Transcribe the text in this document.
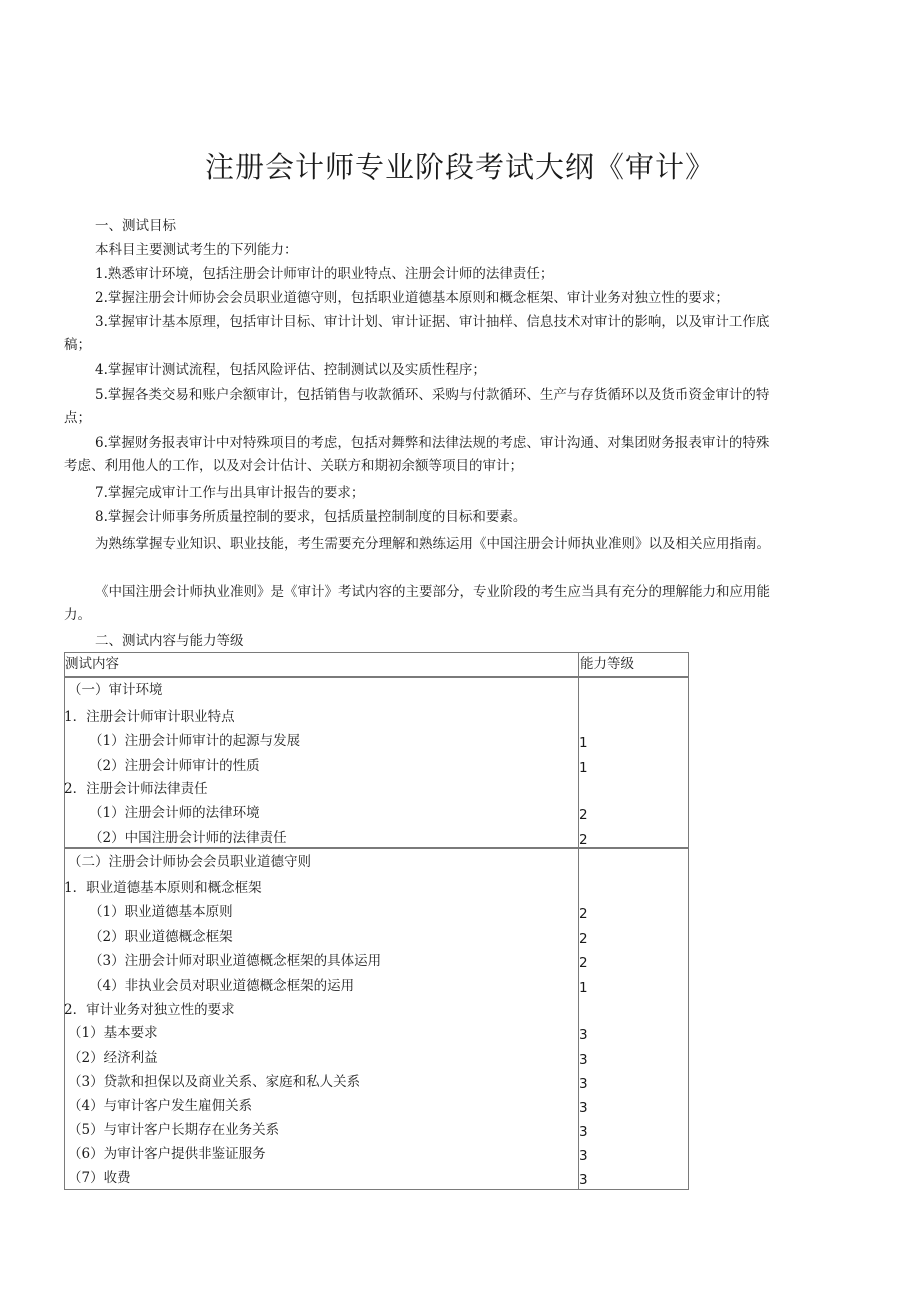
注册会计师专业阶段考试大纲《审计》
一、测试目标
本科目主要测试考生的下列能力：
1.熟悉审计环境，包括注册会计师审计的职业特点、注册会计师的法律责任；
2.掌握注册会计师协会会员职业道德守则，包括职业道德基本原则和概念框架、审计业务对独立性的要求；
3.掌握审计基本原理，包括审计目标、审计计划、审计证据、审计抽样、信息技术对审计的影响，以及审计工作底稿；
4.掌握审计测试流程，包括风险评估、控制测试以及实质性程序；
5.掌握各类交易和账户余额审计，包括销售与收款循环、采购与付款循环、生产与存货循环以及货币资金审计的特点；
6.掌握财务报表审计中对特殊项目的考虑，包括对舞弊和法律法规的考虑、审计沟通、对集团财务报表审计的特殊考虑、利用他人的工作，以及对会计估计、关联方和期初余额等项目的审计；
7.掌握完成审计工作与出具审计报告的要求；
8.掌握会计师事务所质量控制的要求，包括质量控制制度的目标和要素。
为熟练掌握专业知识、职业技能，考生需要充分理解和熟练运用《中国注册会计师执业准则》以及相关应用指南。
《中国注册会计师执业准则》是《审计》考试内容的主要部分，专业阶段的考生应当具有充分的理解能力和应用能力。
二、测试内容与能力等级
测试内容	能力等级
（一）审计环境
1．注册会计师审计职业特点
（1）注册会计师审计的起源与发展	1
（2）注册会计师审计的性质	1
2．注册会计师法律责任
（1）注册会计师的法律环境	2
（2）中国注册会计师的法律责任	2
（二）注册会计师协会会员职业道德守则
1．职业道德基本原则和概念框架
（1）职业道德基本原则	2
（2）职业道德概念框架	2
（3）注册会计师对职业道德概念框架的具体运用	2
（4）非执业会员对职业道德概念框架的运用	1
2．审计业务对独立性的要求
（1）基本要求	3
（2）经济利益	3
（3）贷款和担保以及商业关系、家庭和私人关系	3
（4）与审计客户发生雇佣关系	3
（5）与审计客户长期存在业务关系	3
（6）为审计客户提供非鉴证服务	3
（7）收费	3
